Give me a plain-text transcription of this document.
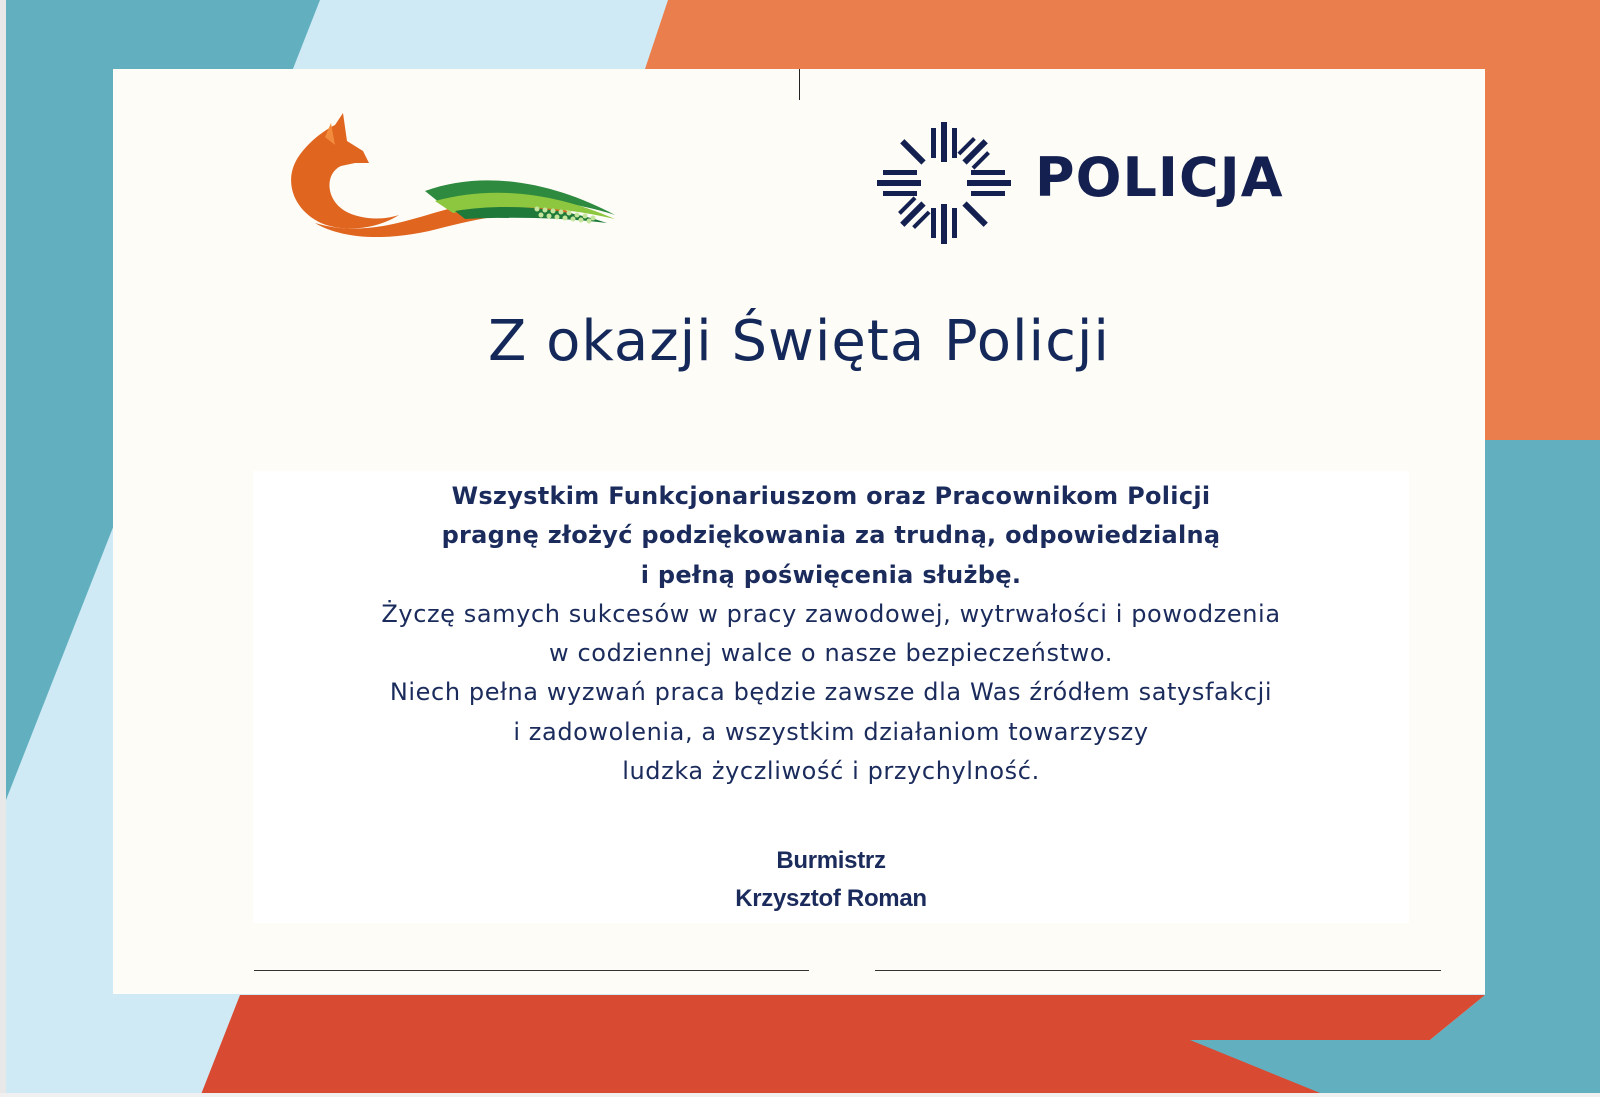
POLICJA
Z okazji Święta Policji
Wszystkim Funkcjonariuszom oraz Pracownikom Policji
pragnę złożyć podziękowania za trudną, odpowiedzialną
i pełną poświęcenia służbę.
Życzę samych sukcesów w pracy zawodowej, wytrwałości i powodzenia
w codziennej walce o nasze bezpieczeństwo.
Niech pełna wyzwań praca będzie zawsze dla Was źródłem satysfakcji
i zadowolenia, a wszystkim działaniom towarzyszy
ludzka życzliwość i przychylność.
Burmistrz
Krzysztof Roman
